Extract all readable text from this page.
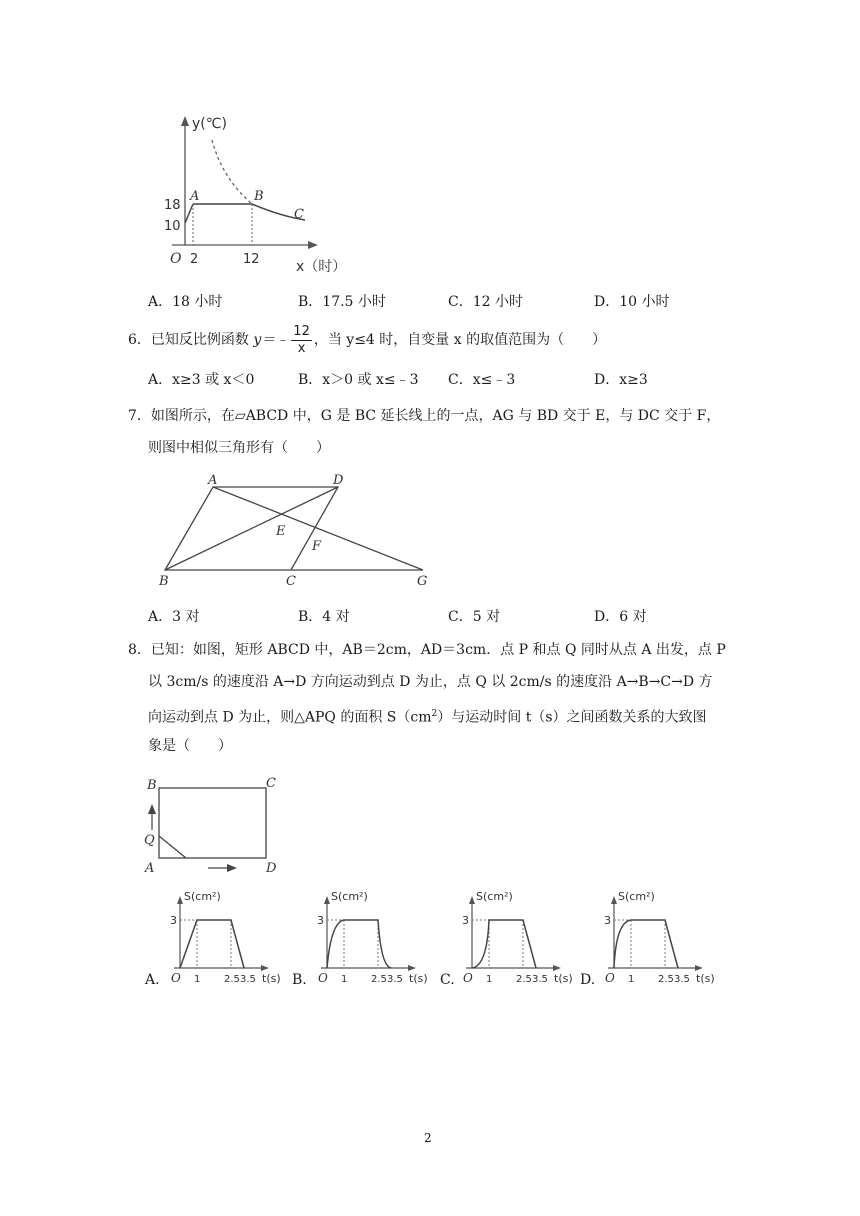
y(℃)
18
10
A	B
C
O 2	12	x（时）
A．18 小时	B．17.5 小时	C．12 小时	D．10 小时
6．已知反比例函数 y＝﹣ $\frac{12}{x}$ ，当 y≤4 时，自变量 x 的取值范围为（　　）
A．x≥3 或 x＜0	B．x＞0 或 x≤﹣3 C．x≤﹣3	D．x≥3
7．如图所示，在▱ABCD 中，G 是 BC 延长线上的一点，AG 与 BD 交于 E，与 DC 交于 F，
则图中相似三角形有（　　）
A	D
E
F
B	C	G
A．3 对	B．4 对	C．5 对	D．6 对
8．已知：如图，矩形 ABCD 中，AB＝2cm，AD＝3cm．点 P 和点 Q 同时从点 A 出发，点 P
以 3cm/s 的速度沿 A→D 方向运动到点 D 为止，点 Q 以 2cm/s 的速度沿 A→B→C→D 方
向运动到点 D 为止，则△APQ 的面积 $S(cm^2)$与运动时间 t（s）之间函数关系的大致图
象是（　　）
B	C
Q
A	D
S(cm²)
3
O 1 2.5 3.5 t(s)
A.
S(cm²)
3
O 1 2.5 3.5 t(s)
B.
S(cm²)
3
O 1 2.5 3.5 t(s)
C.
S(cm²)
3
O 1 2.5 3.5 t(s)
D.
2
